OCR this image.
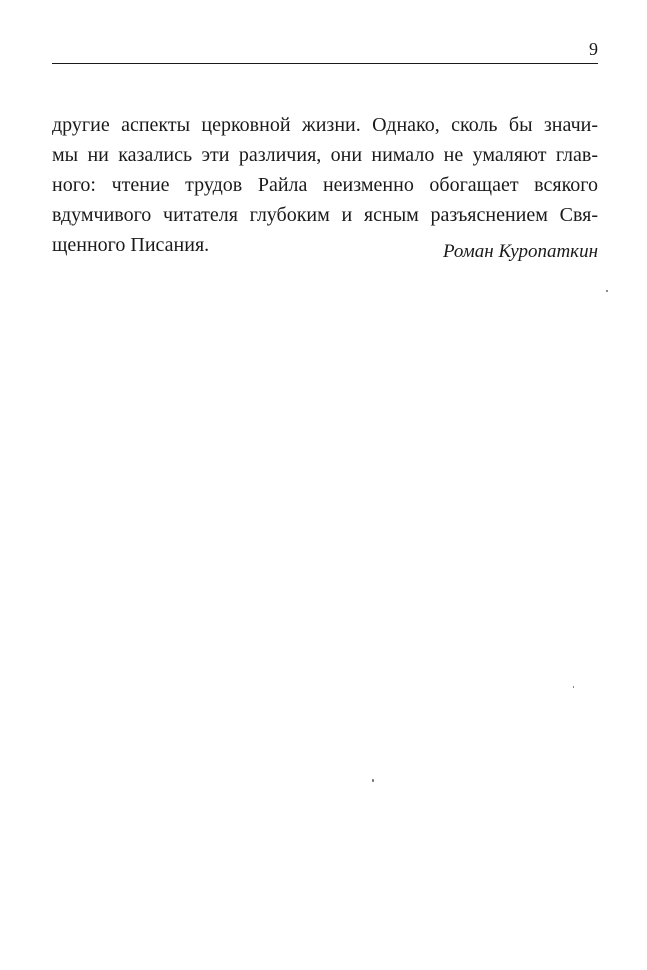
9
другие аспекты церковной жизни. Однако, сколь бы значи-
мы ни казались эти различия, они нимало не умаляют глав-
ного: чтение трудов Райла неизменно обогащает всякого
вдумчивого читателя глубоким и ясным разъяснением Свя-
щенного Писания.	Роман Куропаткин
